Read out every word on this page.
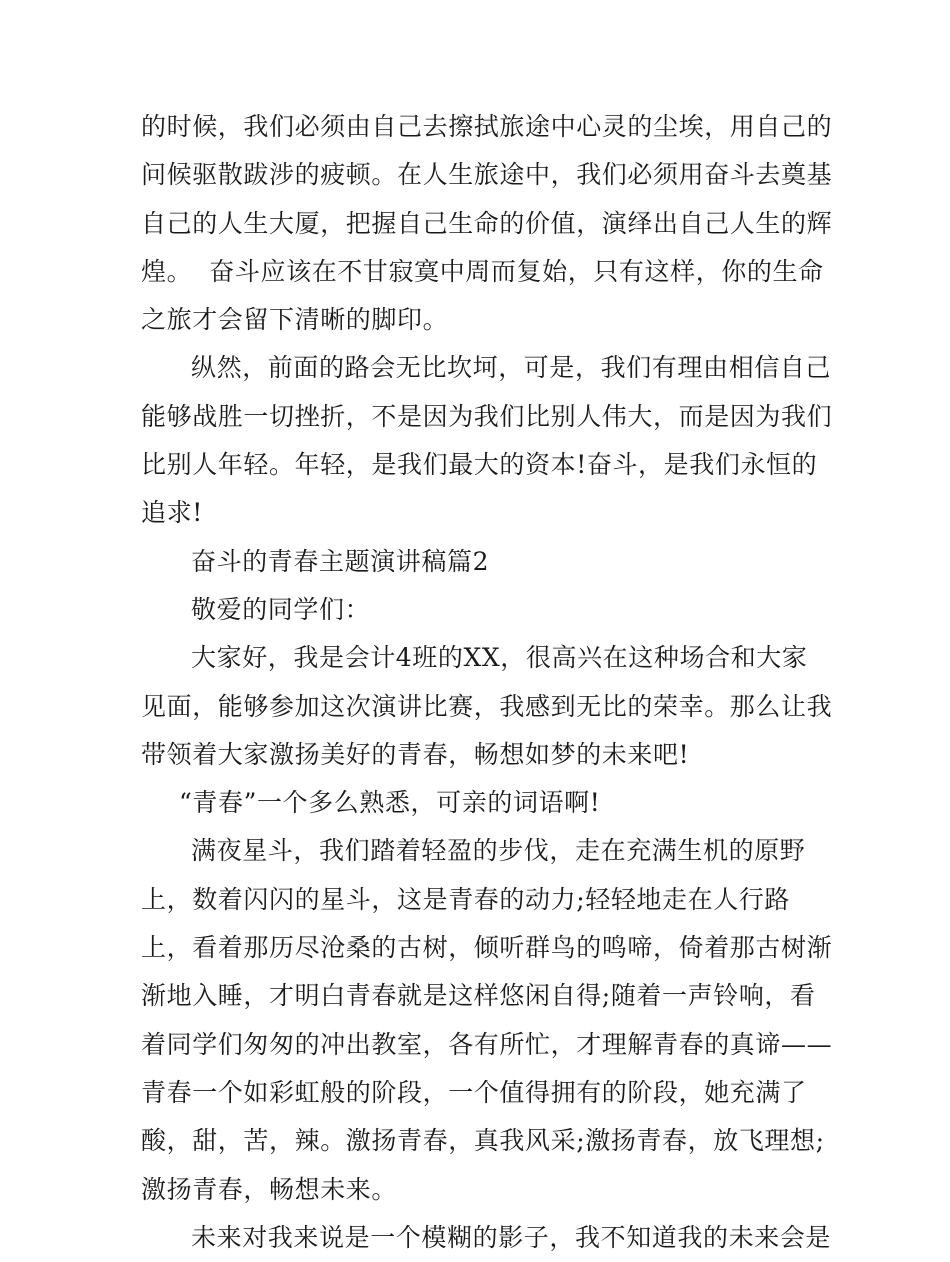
的时候，我们必须由自己去擦拭旅途中心灵的尘埃，用自己的
问候驱散跋涉的疲顿。在人生旅途中，我们必须用奋斗去奠基
自己的人生大厦，把握自己生命的价值，演绎出自己人生的辉
煌。  奋斗应该在不甘寂寞中周而复始，只有这样，你的生命
之旅才会留下清晰的脚印。
纵然，前面的路会无比坎坷，可是，我们有理由相信自己
能够战胜一切挫折，不是因为我们比别人伟大，而是因为我们
比别人年轻。年轻，是我们最大的资本!奋斗，是我们永恒的
追求!
奋斗的青春主题演讲稿篇2
敬爱的同学们：
大家好，我是会计4班的XX，很高兴在这种场合和大家
见面，能够参加这次演讲比赛，我感到无比的荣幸。那么让我
带领着大家激扬美好的青春，畅想如梦的未来吧!
“青春”一个多么熟悉，可亲的词语啊!
满夜星斗，我们踏着轻盈的步伐，走在充满生机的原野
上，数着闪闪的星斗，这是青春的动力;轻轻地走在人行路
上，看着那历尽沧桑的古树，倾听群鸟的鸣啼，倚着那古树渐
渐地入睡，才明白青春就是这样悠闲自得;随着一声铃响，看
着同学们匆匆的冲出教室，各有所忙，才理解青春的真谛——
青春一个如彩虹般的阶段，一个值得拥有的阶段，她充满了
酸，甜，苦，辣。激扬青春，真我风采;激扬青春，放飞理想;
激扬青春，畅想未来。
未来对我来说是一个模糊的影子，我不知道我的未来会是
